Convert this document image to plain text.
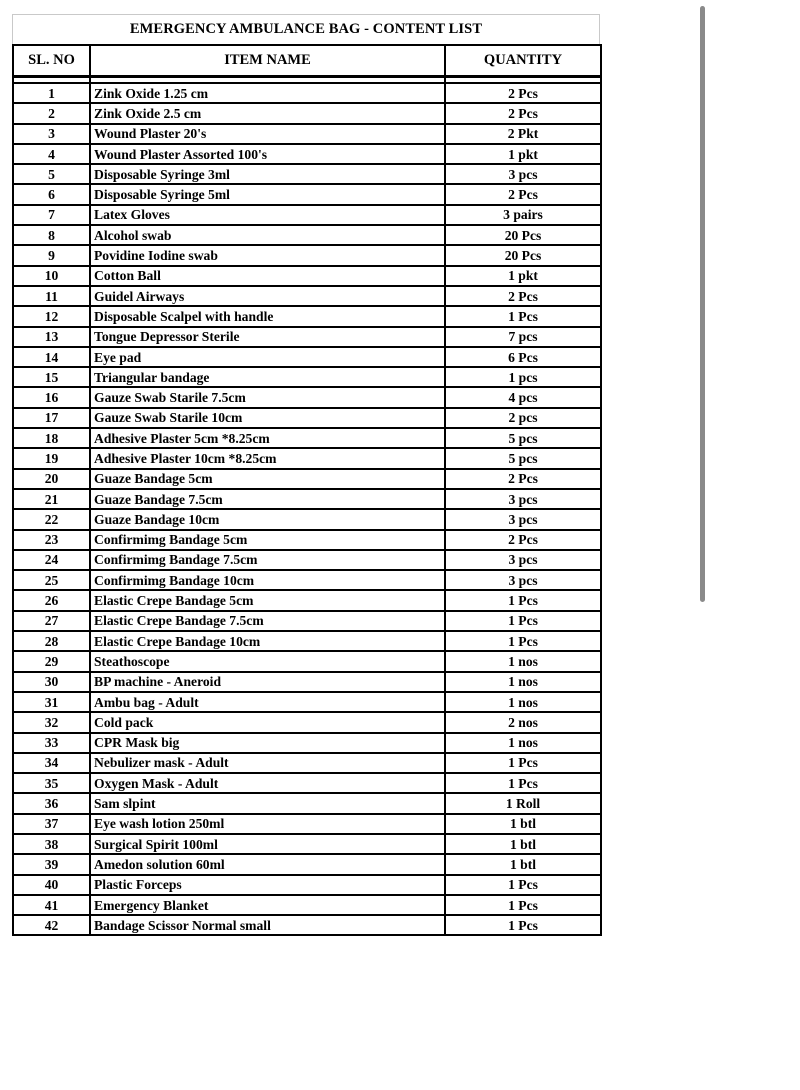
EMERGENCY AMBULANCE BAG - CONTENT LIST
SL. NO	ITEM NAME	QUANTITY

1	Zink Oxide 1.25 cm	2 Pcs
2	Zink Oxide 2.5 cm	2 Pcs
3	Wound Plaster 20's	2 Pkt
4	Wound Plaster Assorted 100's	1 pkt
5	Disposable Syringe 3ml	3 pcs
6	Disposable Syringe 5ml	2 Pcs
7	Latex Gloves	3 pairs
8	Alcohol swab	20 Pcs
9	Povidine Iodine swab	20 Pcs
10	Cotton Ball	1 pkt
11	Guidel Airways	2 Pcs
12	Disposable Scalpel with handle	1 Pcs
13	Tongue Depressor Sterile	7 pcs
14	Eye pad	6 Pcs
15	Triangular bandage	1 pcs
16	Gauze Swab Starile 7.5cm	4 pcs
17	Gauze Swab Starile 10cm	2 pcs
18	Adhesive Plaster 5cm *8.25cm	5 pcs
19	Adhesive Plaster 10cm *8.25cm	5 pcs
20	Guaze Bandage 5cm	2 Pcs
21	Guaze Bandage 7.5cm	3 pcs
22	Guaze Bandage 10cm	3 pcs
23	Confirmimg Bandage 5cm	2 Pcs
24	Confirmimg Bandage 7.5cm	3 pcs
25	Confirmimg Bandage 10cm	3 pcs
26	Elastic Crepe Bandage 5cm	1 Pcs
27	Elastic Crepe Bandage 7.5cm	1 Pcs
28	Elastic Crepe Bandage 10cm	1 Pcs
29	Steathoscope	1 nos
30	BP machine - Aneroid	1 nos
31	Ambu bag - Adult	1 nos
32	Cold pack	2 nos
33	CPR Mask big	1 nos
34	Nebulizer mask - Adult	1 Pcs
35	Oxygen Mask - Adult	1 Pcs
36	Sam slpint	1 Roll
37	Eye wash lotion 250ml	1 btl
38	Surgical Spirit 100ml	1 btl
39	Amedon solution 60ml	1 btl
40	Plastic Forceps	1 Pcs
41	Emergency Blanket	1 Pcs
42	Bandage Scissor Normal small	1 Pcs
